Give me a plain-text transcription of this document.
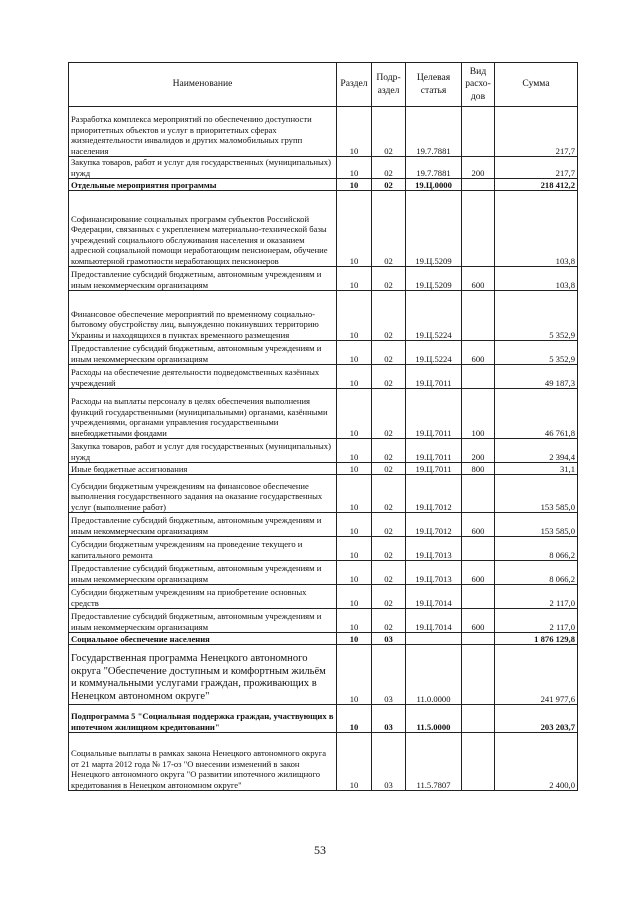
Наименование	Раздел	Подраздел	Целевая статья	Вид расходов	Сумма
Разработка комплекса мероприятий по обеспечению доступности приоритетных объектов и услуг в приоритетных сферах жизнедеятельности инвалидов и других маломобильных групп населения	10	02	19.7.7881		217,7
Закупка товаров, работ и услуг для государственных (муниципальных) нужд	10	02	19.7.7881	200	217,7
Отдельные мероприятия программы	10	02	19.Ц.0000		218 412,2
Софинансирование социальных программ субъектов Российской Федерации, связанных с укреплением материально-технической базы учреждений социального обслуживания населения и оказанием адресной социальной помощи неработающим пенсионерам, обучение компьютерной грамотности неработающих пенсионеров	10	02	19.Ц.5209		103,8
Предоставление субсидий бюджетным, автономным учреждениям и иным некоммерческим организациям	10	02	19.Ц.5209	600	103,8
Финансовое обеспечение мероприятий по временному социально-бытовому обустройству лиц, вынужденно покинувших территорию Украины и находящихся в пунктах временного размещения	10	02	19.Ц.5224		5 352,9
Предоставление субсидий бюджетным, автономным учреждениям и иным некоммерческим организациям	10	02	19.Ц.5224	600	5 352,9
Расходы на обеспечение деятельности подведомственных казённых учреждений	10	02	19.Ц.7011		49 187,3
Расходы на выплаты персоналу в целях обеспечения выполнения функций государственными (муниципальными) органами, казёнными учреждениями, органами управления государственными внебюджетными фондами	10	02	19.Ц.7011	100	46 761,8
Закупка товаров, работ и услуг для государственных (муниципальных) нужд	10	02	19.Ц.7011	200	2 394,4
Иные бюджетные ассигнования	10	02	19.Ц.7011	800	31,1
Субсидии бюджетным учреждениям на финансовое обеспечение выполнения государственного задания на оказание государственных услуг (выполнение работ)	10	02	19.Ц.7012		153 585,0
Предоставление субсидий бюджетным, автономным учреждениям и иным некоммерческим организациям	10	02	19.Ц.7012	600	153 585,0
Субсидии бюджетным учреждениям на проведение текущего и капитального ремонта	10	02	19.Ц.7013		8 066,2
Предоставление субсидий бюджетным, автономным учреждениям и иным некоммерческим организациям	10	02	19.Ц.7013	600	8 066,2
Субсидии бюджетным учреждениям на приобретение основных средств	10	02	19.Ц.7014		2 117,0
Предоставление субсидий бюджетным, автономным учреждениям и иным некоммерческим организациям	10	02	19.Ц.7014	600	2 117,0
Социальное обеспечение населения	10	03			1 876 129,8
Государственная программа Ненецкого автономного округа "Обеспечение доступным и комфортным жильём и коммунальными услугами граждан, проживающих в Ненецком автономном округе"	10	03	11.0.0000		241 977,6
Подпрограмма 5 "Социальная поддержка граждан, участвующих в ипотечном жилищном кредитовании"	10	03	11.5.0000		203 203,7
Социальные выплаты в рамках закона Ненецкого автономного округа от 21 марта 2012 года № 17-оз "О внесении изменений в закон Ненецкого автономного округа "О развитии ипотечного жилищного кредитования в Ненецком автономном округе"	10	03	11.5.7807		2 400,0
53
